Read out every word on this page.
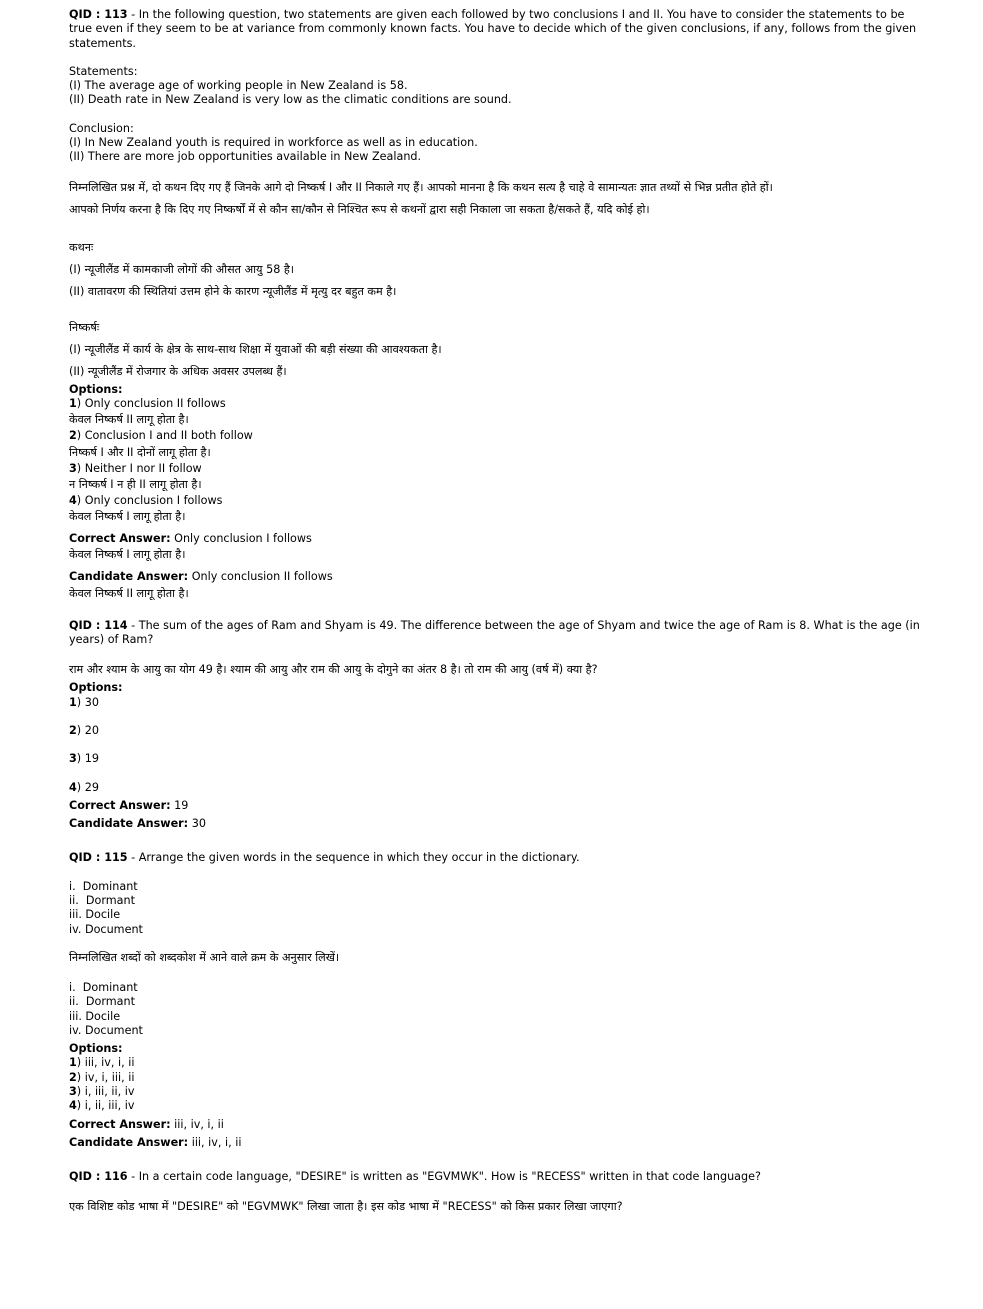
QID : 113 - In the following question, two statements are given each followed by two conclusions I and II. You have to consider the statements to be true even if they seem to be at variance from commonly known facts. You have to decide which of the given conclusions, if any, follows from the given statements.
Statements:
(I) The average age of working people in New Zealand is 58.
(II) Death rate in New Zealand is very low as the climatic conditions are sound.
Conclusion:
(I) In New Zealand youth is required in workforce as well as in education.
(II) There are more job opportunities available in New Zealand.
निम्नलिखित प्रश्न में, दो कथन दिए गए हैं जिनके आगे दो निष्कर्ष I और II निकाले गए हैं। आपको मानना है कि कथन सत्य है चाहे वे सामान्यतः ज्ञात तथ्यों से भिन्न प्रतीत होते हों।
आपको निर्णय करना है कि दिए गए निष्कर्षों में से कौन सा/कौन से निश्चित रूप से कथनों द्वारा सही निकाला जा सकता है/सकते हैं, यदि कोई हो।
कथनः
(I) न्यूजीलैंड में कामकाजी लोगों की औसत आयु 58 है।
(II) वातावरण की स्थितियां उत्तम होने के कारण न्यूजीलैंड में मृत्यु दर बहुत कम है।
निष्कर्षः
(I) न्यूजीलैंड में कार्य के क्षेत्र के साथ-साथ शिक्षा में युवाओं की बड़ी संख्या की आवश्यकता है।
(II) न्यूजीलैंड में रोजगार के अधिक अवसर उपलब्ध हैं।
Options:
1) Only conclusion II follows
केवल निष्कर्ष II लागू होता है।
2) Conclusion I and II both follow
निष्कर्ष I और II दोनों लागू होता है।
3) Neither I nor II follow
न निष्कर्ष I न ही II लागू होता है।
4) Only conclusion I follows
केवल निष्कर्ष I लागू होता है।
Correct Answer: Only conclusion I follows
केवल निष्कर्ष I लागू होता है।
Candidate Answer: Only conclusion II follows
केवल निष्कर्ष II लागू होता है।
QID : 114 - The sum of the ages of Ram and Shyam is 49. The difference between the age of Shyam and twice the age of Ram is 8. What is the age (in years) of Ram?
राम और श्याम के आयु का योग 49 है। श्याम की आयु और राम की आयु के दोगुने का अंतर 8 है। तो राम की आयु (वर्ष में) क्या है?
Options:
1) 30
2) 20
3) 19
4) 29
Correct Answer: 19
Candidate Answer: 30
QID : 115 - Arrange the given words in the sequence in which they occur in the dictionary.
i.  Dominant
ii.  Dormant
iii. Docile
iv. Document
निम्नलिखित शब्दों को शब्दकोश में आने वाले क्रम के अनुसार लिखें।
i.  Dominant
ii.  Dormant
iii. Docile
iv. Document
Options:
1) iii, iv, i, ii
2) iv, i, iii, ii
3) i, iii, ii, iv
4) i, ii, iii, iv
Correct Answer: iii, iv, i, ii
Candidate Answer: iii, iv, i, ii
QID : 116 - In a certain code language, "DESIRE" is written as "EGVMWK". How is "RECESS" written in that code language?
एक विशिष्ट कोड भाषा में "DESIRE" को "EGVMWK" लिखा जाता है। इस कोड भाषा में "RECESS" को किस प्रकार लिखा जाएगा?
